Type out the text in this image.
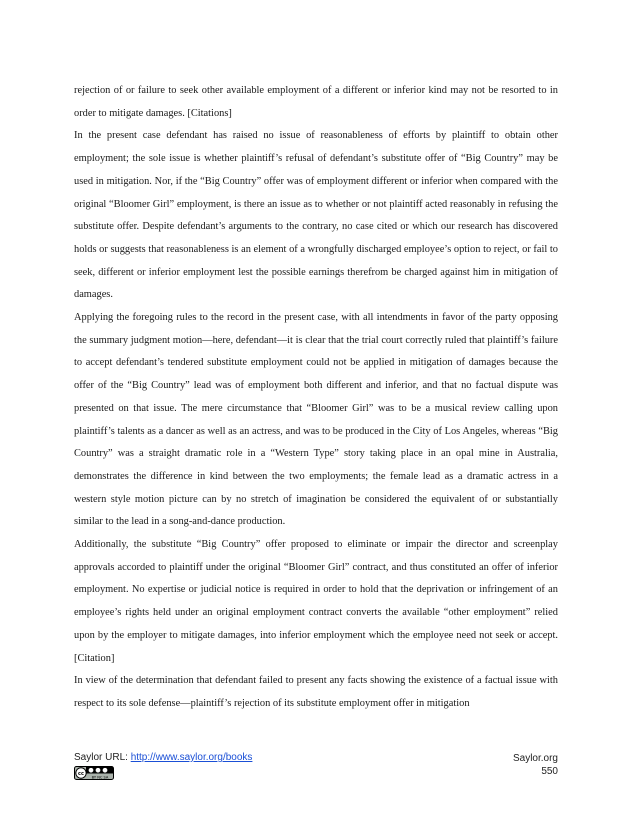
rejection of or failure to seek other available employment of a different or inferior kind may not be resorted to in order to mitigate damages. [Citations]

In the present case defendant has raised no issue of reasonableness of efforts by plaintiff to obtain other employment; the sole issue is whether plaintiff’s refusal of defendant’s substitute offer of “Big Country” may be used in mitigation. Nor, if the “Big Country” offer was of employment different or inferior when compared with the original “Bloomer Girl” employment, is there an issue as to whether or not plaintiff acted reasonably in refusing the substitute offer. Despite defendant’s arguments to the contrary, no case cited or which our research has discovered holds or suggests that reasonableness is an element of a wrongfully discharged employee’s option to reject, or fail to seek, different or inferior employment lest the possible earnings therefrom be charged against him in mitigation of damages.

Applying the foregoing rules to the record in the present case, with all intendments in favor of the party opposing the summary judgment motion—here, defendant—it is clear that the trial court correctly ruled that plaintiff’s failure to accept defendant’s tendered substitute employment could not be applied in mitigation of damages because the offer of the “Big Country” lead was of employment both different and inferior, and that no factual dispute was presented on that issue. The mere circumstance that “Bloomer Girl” was to be a musical review calling upon plaintiff’s talents as a dancer as well as an actress, and was to be produced in the City of Los Angeles, whereas “Big Country” was a straight dramatic role in a “Western Type” story taking place in an opal mine in Australia, demonstrates the difference in kind between the two employments; the female lead as a dramatic actress in a western style motion picture can by no stretch of imagination be considered the equivalent of or substantially similar to the lead in a song-and-dance production.

Additionally, the substitute “Big Country” offer proposed to eliminate or impair the director and screenplay approvals accorded to plaintiff under the original “Bloomer Girl” contract, and thus constituted an offer of inferior employment. No expertise or judicial notice is required in order to hold that the deprivation or infringement of an employee’s rights held under an original employment contract converts the available “other employment” relied upon by the employer to mitigate damages, into inferior employment which the employee need not seek or accept. [Citation]

In view of the determination that defendant failed to present any facts showing the existence of a factual issue with respect to its sole defense—plaintiff’s rejection of its substitute employment offer in mitigation

Saylor URL: http://www.saylor.org/books
cc
BY NC SA
Saylor.org
550
